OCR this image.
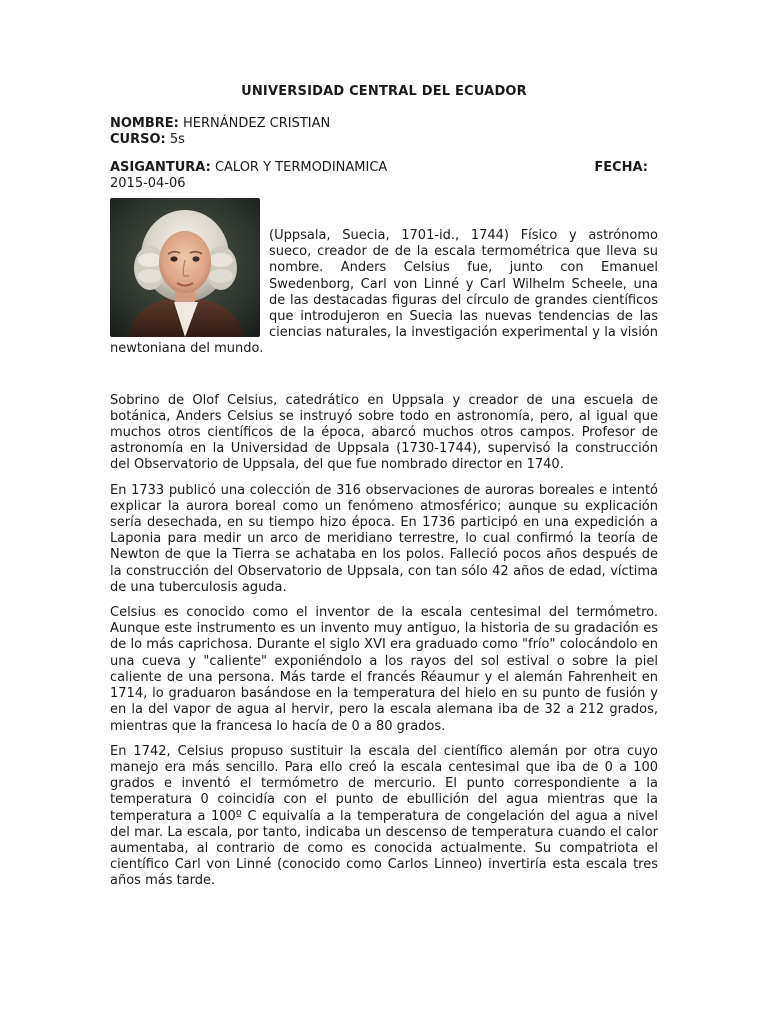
UNIVERSIDAD CENTRAL DEL ECUADOR

NOMBRE: HERNÁNDEZ CRISTIAN

CURSO: 5s

ASIGANTURA: CALOR Y TERMODINAMICA	FECHA:

2015-04-06

(Uppsala, Suecia, 1701-id., 1744) Físico y astrónomo sueco, creador de de la escala termométrica que lleva su nombre. Anders Celsius fue, junto con Emanuel Swedenborg, Carl von Linné y Carl Wilhelm Scheele, una de las destacadas figuras del círculo de grandes científicos que introdujeron en Suecia las nuevas tendencias de las ciencias naturales, la investigación experimental y la visión newtoniana del mundo.

Sobrino de Olof Celsius, catedrático en Uppsala y creador de una escuela de botánica, Anders Celsius se instruyó sobre todo en astronomía, pero, al igual que muchos otros científicos de la época, abarcó muchos otros campos. Profesor de astronomía en la Universidad de Uppsala (1730-1744), supervisó la construcción del Observatorio de Uppsala, del que fue nombrado director en 1740.

En 1733 publicó una colección de 316 observaciones de auroras boreales e intentó explicar la aurora boreal como un fenómeno atmosférico; aunque su explicación sería desechada, en su tiempo hizo época. En 1736 participó en una expedición a Laponia para medir un arco de meridiano terrestre, lo cual confirmó la teoría de Newton de que la Tierra se achataba en los polos. Falleció pocos años después de la construcción del Observatorio de Uppsala, con tan sólo 42 años de edad, víctima de una tuberculosis aguda.

Celsius es conocido como el inventor de la escala centesimal del termómetro. Aunque este instrumento es un invento muy antiguo, la historia de su gradación es de lo más caprichosa. Durante el siglo XVI era graduado como "frío" colocándolo en una cueva y "caliente" exponiéndolo a los rayos del sol estival o sobre la piel caliente de una persona. Más tarde el francés Réaumur y el alemán Fahrenheit en 1714, lo graduaron basándose en la temperatura del hielo en su punto de fusión y en la del vapor de agua al hervir, pero la escala alemana iba de 32 a 212 grados, mientras que la francesa lo hacía de 0 a 80 grados.

En 1742, Celsius propuso sustituir la escala del científico alemán por otra cuyo manejo era más sencillo. Para ello creó la escala centesimal que iba de 0 a 100 grados e inventó el termómetro de mercurio. El punto correspondiente a la temperatura 0 coincidía con el punto de ebullición del agua mientras que la temperatura a 100º C equivalía a la temperatura de congelación del agua a nivel del mar. La escala, por tanto, indicaba un descenso de temperatura cuando el calor aumentaba, al contrario de como es conocida actualmente. Su compatriota el científico Carl von Linné (conocido como Carlos Linneo) invertiría esta escala tres años más tarde.
